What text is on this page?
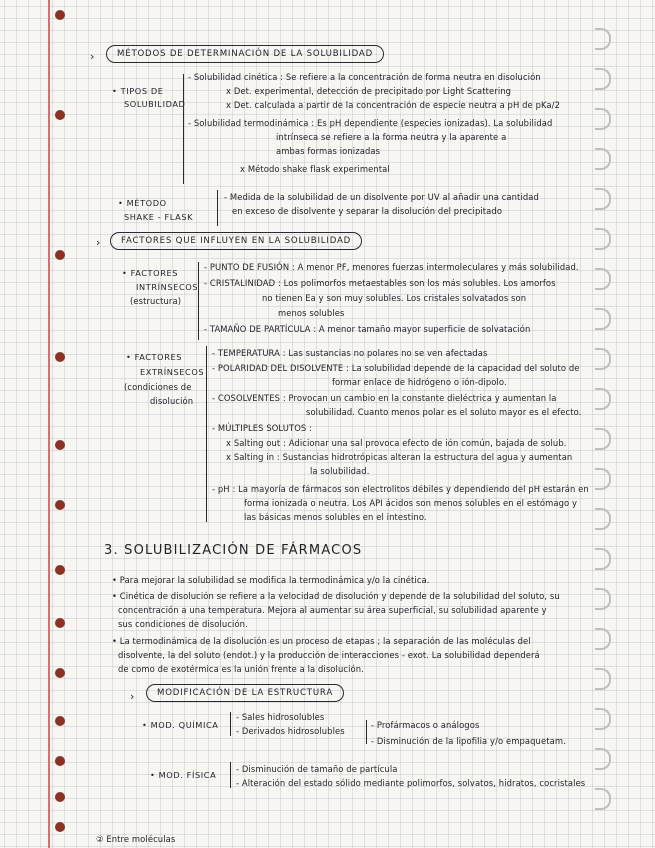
›	MÉTODOS DE DETERMINACIÓN DE LA SOLUBILIDAD
• TIPOS DE
SOLUBILIDAD
- Solubilidad cinética : Se refiere a la concentración de forma neutra en disolución
x Det. experimental, detección de precipitado por Light Scattering
x Det. calculada a partir de la concentración de especie neutra a pH de pKa/2
- Solubilidad termodinámica : Es pH dependiente (especies ionizadas). La solubilidad
intrínseca se refiere a la forma neutra y la aparente a
ambas formas ionizadas
x Método shake flask experimental
• MÉTODO
SHAKE - FLASK
- Medida de la solubilidad de un disolvente por UV al añadir una cantidad
en exceso de disolvente y separar la disolución del precipitado
›	FACTORES QUE INFLUYEN EN LA SOLUBILIDAD
• FACTORES
INTRÍNSECOS
(estructura)
- PUNTO DE FUSIÓN : A menor PF, menores fuerzas intermoleculares y más solubilidad.
- CRISTALINIDAD : Los polimorfos metaestables son los más solubles. Los amorfos
no tienen Ea y son muy solubles. Los cristales solvatados son
menos solubles
- TAMAÑO DE PARTÍCULA : A menor tamaño mayor superficie de solvatación
• FACTORES
EXTRÍNSECOS
(condiciones de
disolución
- TEMPERATURA : Las sustancias no polares no se ven afectadas
- POLARIDAD DEL DISOLVENTE : La solubilidad depende de la capacidad del soluto de
formar enlace de hidrógeno o ión-dipolo.
- COSOLVENTES : Provocan un cambio en la constante dieléctrica y aumentan la
solubilidad. Cuanto menos polar es el soluto mayor es el efecto.
- MÚLTIPLES SOLUTOS :
x Salting out : Adicionar una sal provoca efecto de ión común, bajada de solub.
x Salting in : Sustancias hidrotrópicas alteran la estructura del agua y aumentan
la solubilidad.
- pH : La mayoría de fármacos son electrolitos débiles y dependiendo del pH estarán en
forma ionizada o neutra. Los API ácidos son menos solubles en el estómago y
las básicas menos solubles en el intestino.
3. SOLUBILIZACIÓN DE FÁRMACOS
• Para mejorar la solubilidad se modifica la termodinámica y/o la cinética.
• Cinética de disolución se refiere a la velocidad de disolución y depende de la solubilidad del soluto, su
concentración a una temperatura. Mejora al aumentar su área superficial, su solubilidad aparente y
sus condiciones de disolución.
• La termodinámica de la disolución es un proceso de etapas ; la separación de las moléculas del
disolvente, la del soluto (endot.) y la producción de interacciones - exot. La solubilidad dependerá
de como de exotérmica es la unión frente a la disolución.
›	MODIFICACIÓN DE LA ESTRUCTURA
• MOD. QUÍMICA
- Sales hidrosolubles
- Derivados hidrosolubles
- Profármacos o análogos
- Disminución de la lipofilia y/o empaquetam.
• MOD. FÍSICA
- Disminución de tamaño de partícula
- Alteración del estado sólido mediante polimorfos, solvatos, hidratos, cocristales
② Entre moléculas
